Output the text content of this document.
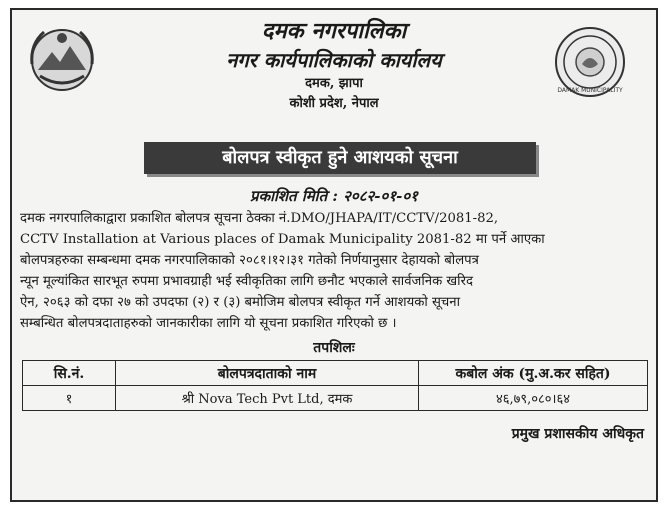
दमक नगरपालिका
नगर कार्यपालिकाको कार्यालय
दमक, झापा
कोशी प्रदेश, नेपाल
DAMAK MUNICIPALITY
बोलपत्र स्वीकृत हुने आशयको सूचना
प्रकाशित मिति : २०८२-०१-०१
दमक नगरपालिकाद्वारा प्रकाशित बोलपत्र सूचना ठेक्का नं.DMO/JHAPA/IT/CCTV/2081-82,
CCTV Installation at Various places of Damak Municipality 2081-82 मा पर्ने आएका
बोलपत्रहरुका सम्बन्धमा दमक नगरपालिकाको २०८१।१२।३१ गतेको निर्णयानुसार देहायको बोलपत्र
न्यून मूल्यांकित सारभूत रुपमा प्रभावग्राही भई स्वीकृतिका लागि छनौट भएकाले सार्वजनिक खरिद
ऐन, २०६३ को दफा २७ को उपदफा (२) र (३) बमोजिम बोलपत्र स्वीकृत गर्ने आशयको सूचना
सम्बन्धित बोलपत्रदाताहरुको जानकारीका लागि यो सूचना प्रकाशित गरिएको छ ।
तपशिलः
सि.नं.	बोलपत्रदाताको नाम	कबोल अंक (मु.अ.कर सहित)
१	श्री Nova Tech Pvt Ltd, दमक	४६,७९,०८०।६४
प्रमुख प्रशासकीय अधिकृत
